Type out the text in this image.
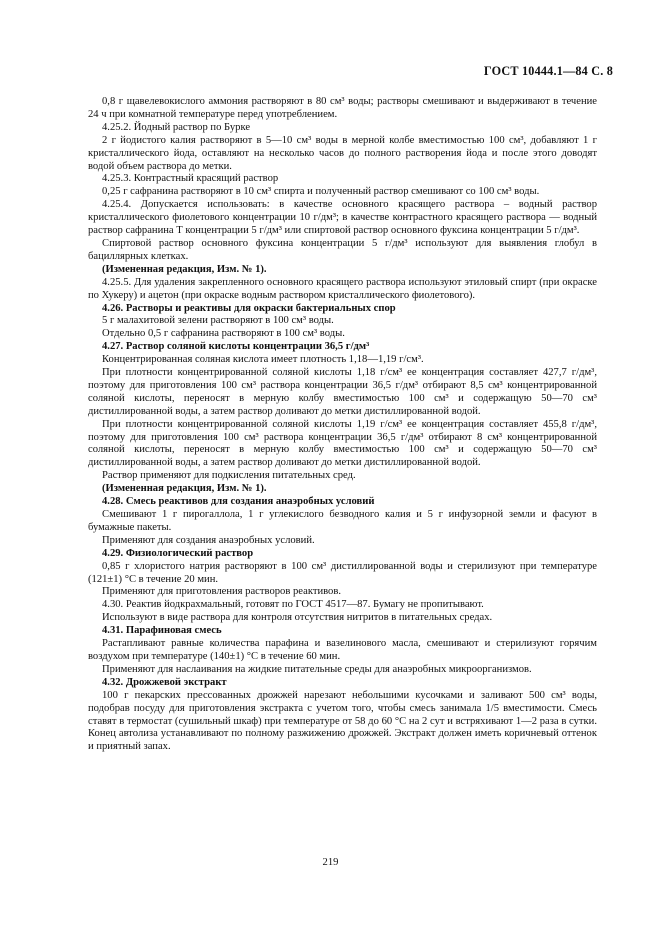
ГОСТ 10444.1—84 С. 8

0,8 г щавелевокислого аммония растворяют в 80 см³ воды; растворы смешивают и выдерживают в течение 24 ч при комнатной температуре перед употреблением.

4.25.2. Йодный раствор по Бурке

2 г йодистого калия растворяют в 5—10 см³ воды в мерной колбе вместимостью 100 см³, добавляют 1 г кристаллического йода, оставляют на несколько часов до полного растворения йода и после этого доводят водой объем раствора до метки.

4.25.3. Контрастный красящий раствор

0,25 г сафранина растворяют в 10 см³ спирта и полученный раствор смешивают со 100 см³ воды.

4.25.4. Допускается использовать: в качестве основного красящего раствора – водный раствор кристаллического фиолетового концентрации 10 г/дм³; в качестве контрастного красящего раствора — водный раствор сафранина Т концентрации 5 г/дм³ или спиртовой раствор основного фуксина концентрации 5 г/дм³.

Спиртовой раствор основного фуксина концентрации 5 г/дм³ используют для выявления глобул в бациллярных клетках.

(Измененная редакция, Изм. № 1).

4.25.5. Для удаления закрепленного основного красящего раствора используют этиловый спирт (при окраске по Хукеру) и ацетон (при окраске водным раствором кристаллического фиолетового).

4.26. Растворы и реактивы для окраски бактериальных спор

5 г малахитовой зелени растворяют в 100 см³ воды.

Отдельно 0,5 г сафранина растворяют в 100 см³ воды.

4.27. Раствор соляной кислоты концентрации 36,5 г/дм³

Концентрированная соляная кислота имеет плотность 1,18—1,19 г/см³.

При плотности концентрированной соляной кислоты 1,18 г/см³ ее концентрация составляет 427,7 г/дм³, поэтому для приготовления 100 см³ раствора концентрации 36,5 г/дм³ отбирают 8,5 см³ концентрированной соляной кислоты, переносят в мерную колбу вместимостью 100 см³ и содержащую 50—70 см³ дистиллированной воды, а затем раствор доливают до метки дистиллированной водой.

При плотности концентрированной соляной кислоты 1,19 г/см³ ее концентрация составляет 455,8 г/дм³, поэтому для приготовления 100 см³ раствора концентрации 36,5 г/дм³ отбирают 8 см³ концентрированной соляной кислоты, переносят в мерную колбу вместимостью 100 см³ и содержащую 50—70 см³ дистиллированной воды, а затем раствор доливают до метки дистиллированной водой.

Раствор применяют для подкисления питательных сред.

(Измененная редакция, Изм. № 1).

4.28. Смесь реактивов для создания анаэробных условий

Смешивают 1 г пирогаллола, 1 г углекислого безводного калия и 5 г инфузорной земли и фасуют в бумажные пакеты.

Применяют для создания анаэробных условий.

4.29. Физиологический раствор

0,85 г хлористого натрия растворяют в 100 см³ дистиллированной воды и стерилизуют при температуре (121±1) °С в течение 20 мин.

Применяют для приготовления растворов реактивов.

4.30. Реактив йодкрахмальный, готовят по ГОСТ 4517—87. Бумагу не пропитывают.

Используют в виде раствора для контроля отсутствия нитритов в питательных средах.

4.31. Парафиновая смесь

Растапливают равные количества парафина и вазелинового масла, смешивают и стерилизуют горячим воздухом при температуре (140±1) °С в течение 60 мин.

Применяют для наслаивания на жидкие питательные среды для анаэробных микроорганизмов.

4.32. Дрожжевой экстракт

100 г пекарских прессованных дрожжей нарезают небольшими кусочками и заливают 500 см³ воды, подобрав посуду для приготовления экстракта с учетом того, чтобы смесь занимала 1/5 вместимости. Смесь ставят в термостат (сушильный шкаф) при температуре от 58 до 60 °С на 2 сут и встряхивают 1—2 раза в сутки. Конец автолиза устанавливают по полному разжижению дрожжей. Экстракт должен иметь коричневый оттенок и приятный запах.

219
